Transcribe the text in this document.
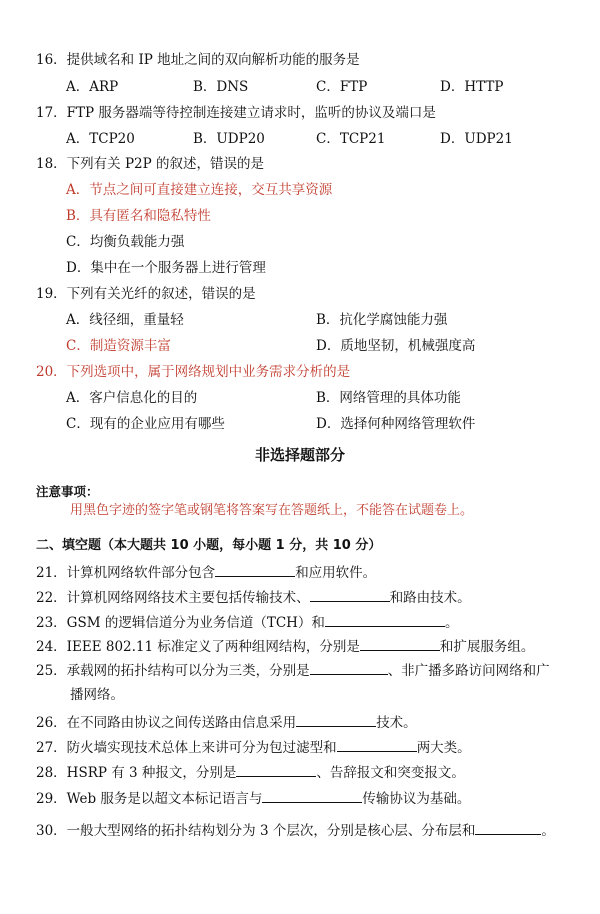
16．提供域名和 IP 地址之间的双向解析功能的服务是
A．ARP	B．DNS	C．FTP	D．HTTP
17．FTP 服务器端等待控制连接建立请求时，监听的协议及端口是
A．TCP20	B．UDP20	C．TCP21	D．UDP21
18．下列有关 P2P 的叙述，错误的是
A．节点之间可直接建立连接，交互共享资源
B．具有匿名和隐私特性
C．均衡负载能力强
D．集中在一个服务器上进行管理
19．下列有关光纤的叙述，错误的是
A．线径细，重量轻	B．抗化学腐蚀能力强
C．制造资源丰富	D．质地坚韧，机械强度高
20．下列选项中，属于网络规划中业务需求分析的是
A．客户信息化的目的	B．网络管理的具体功能
C．现有的企业应用有哪些	D．选择何种网络管理软件
非选择题部分
注意事项：
用黑色字迹的签字笔或钢笔将答案写在答题纸上，不能答在试题卷上。
二、填空题（本大题共 10 小题，每小题 1 分，共 10 分）
21．计算机网络软件部分包含	和应用软件。
22．计算机网络网络技术主要包括传输技术、	和路由技术。
23．GSM 的逻辑信道分为业务信道（TCH）和	。
24．IEEE 802.11 标准定义了两种组网结构，分别是	和扩展服务组。
25．承载网的拓扑结构可以分为三类，分别是	、非广播多路访问网络和广
播网络。
26．在不同路由协议之间传送路由信息采用	技术。
27．防火墙实现技术总体上来讲可分为包过滤型和	两大类。
28．HSRP 有 3 种报文，分别是	、告辞报文和突变报文。
29．Web 服务是以超文本标记语言与	传输协议为基础。
30．一般大型网络的拓扑结构划分为 3 个层次，分别是核心层、分布层和	。
